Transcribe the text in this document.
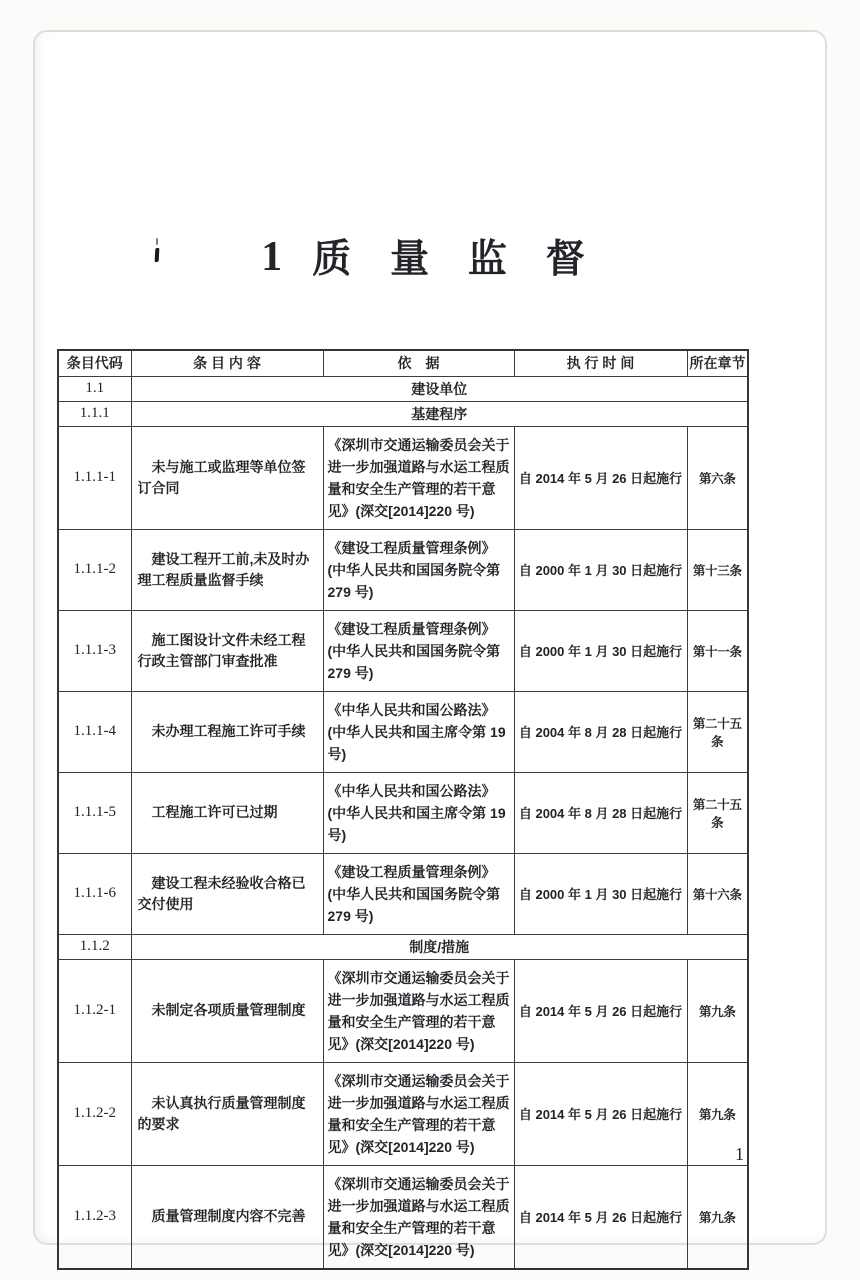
1 质 量 监 督
条目代码	条 目 内 容	依　据	执 行 时 间	所在章节
1.1	建设单位			
1.1.1	基建程序			
1.1.1-1	未与施工或监理等单位签订合同	《深圳市交通运输委员会关于进一步加强道路与水运工程质量和安全生产管理的若干意见》(深交[2014]220 号)	自 2014 年 5 月 26 日起施行	第六条
1.1.1-2	建设工程开工前,未及时办理工程质量监督手续	《建设工程质量管理条例》(中华人民共和国国务院令第 279 号)	自 2000 年 1 月 30 日起施行	第十三条
1.1.1-3	施工图设计文件未经工程行政主管部门审查批准	《建设工程质量管理条例》(中华人民共和国国务院令第 279 号)	自 2000 年 1 月 30 日起施行	第十一条
1.1.1-4	未办理工程施工许可手续	《中华人民共和国公路法》(中华人民共和国主席令第 19 号)	自 2004 年 8 月 28 日起施行	第二十五条
1.1.1-5	工程施工许可已过期	《中华人民共和国公路法》(中华人民共和国主席令第 19 号)	自 2004 年 8 月 28 日起施行	第二十五条
1.1.1-6	建设工程未经验收合格已交付使用	《建设工程质量管理条例》(中华人民共和国国务院令第 279 号)	自 2000 年 1 月 30 日起施行	第十六条
1.1.2	制度/措施			
1.1.2-1	未制定各项质量管理制度	《深圳市交通运输委员会关于进一步加强道路与水运工程质量和安全生产管理的若干意见》(深交[2014]220 号)	自 2014 年 5 月 26 日起施行	第九条
1.1.2-2	未认真执行质量管理制度的要求	《深圳市交通运输委员会关于进一步加强道路与水运工程质量和安全生产管理的若干意见》(深交[2014]220 号)	自 2014 年 5 月 26 日起施行	第九条
1.1.2-3	质量管理制度内容不完善	《深圳市交通运输委员会关于进一步加强道路与水运工程质量和安全生产管理的若干意见》(深交[2014]220 号)	自 2014 年 5 月 26 日起施行	第九条
1
